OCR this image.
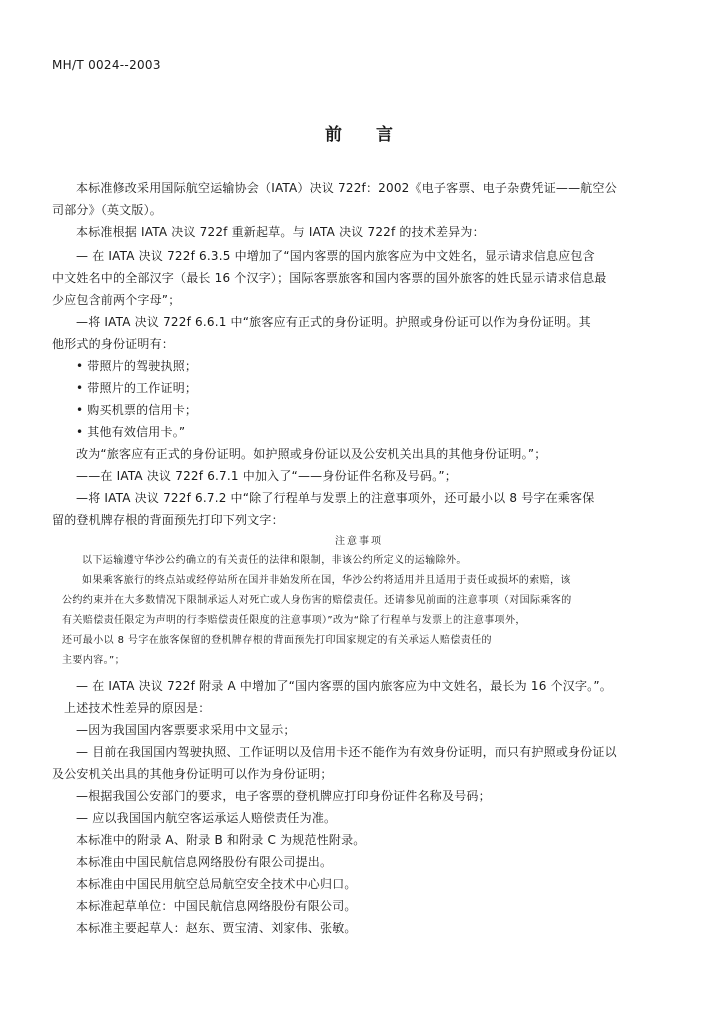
MH/T 0024--2003
前言
本标准修改采用国际航空运输协会（IATA）决议 722f：2002《电子客票、电子杂费凭证——航空公
司部分》（英文版）。
本标准根据 IATA 决议 722f 重新起草。与 IATA 决议 722f 的技术差异为：
— 在 IATA 决议 722f 6.3.5 中增加了“国内客票的国内旅客应为中文姓名，显示请求信息应包含
中文姓名中的全部汉字（最长 16 个汉字）；国际客票旅客和国内客票的国外旅客的姓氏显示请求信息最
少应包含前两个字母”；
—将 IATA 决议 722f 6.6.1 中“旅客应有正式的身份证明。护照或身份证可以作为身份证明。其
他形式的身份证明有：
• 带照片的驾驶执照；
• 带照片的工作证明；
• 购买机票的信用卡；
• 其他有效信用卡。”
改为“旅客应有正式的身份证明。如护照或身份证以及公安机关出具的其他身份证明。”；
——在 IATA 决议 722f 6.7.1 中加入了“——身份证件名称及号码。”；
—将 IATA 决议 722f 6.7.2 中“除了行程单与发票上的注意事项外，还可最小以 8 号字在乘客保
留的登机牌存根的背面预先打印下列文字：
注意事项
以下运输遵守华沙公约确立的有关责任的法律和限制，非该公约所定义的运输除外。
如果乘客旅行的终点站或经停站所在国并非始发所在国，华沙公约将适用并且适用于责任或损坏的索赔，该
公约约束并在大多数情况下限制承运人对死亡或人身伤害的赔偿责任。还请参见前面的注意事项（对国际乘客的
有关赔偿责任限定为声明的行李赔偿责任限度的注意事项）”改为“除了行程单与发票上的注意事项外，
还可最小以 8 号字在旅客保留的登机牌存根的背面预先打印国家规定的有关承运人赔偿责任的
主要内容。”；
— 在 IATA 决议 722f 附录 A 中增加了“国内客票的国内旅客应为中文姓名，最长为 16 个汉字。”。
上述技术性差异的原因是：
—因为我国国内客票要求采用中文显示；
— 目前在我国国内驾驶执照、工作证明以及信用卡还不能作为有效身份证明，而只有护照或身份证以
及公安机关出具的其他身份证明可以作为身份证明；
—根据我国公安部门的要求，电子客票的登机牌应打印身份证件名称及号码；
— 应以我国国内航空客运承运人赔偿责任为准。
本标准中的附录 A、附录 B 和附录 C 为规范性附录。
本标准由中国民航信息网络股份有限公司提出。
本标准由中国民用航空总局航空安全技术中心归口。
本标准起草单位：中国民航信息网络股份有限公司。
本标准主要起草人：赵东、贾宝清、刘家伟、张敏。
